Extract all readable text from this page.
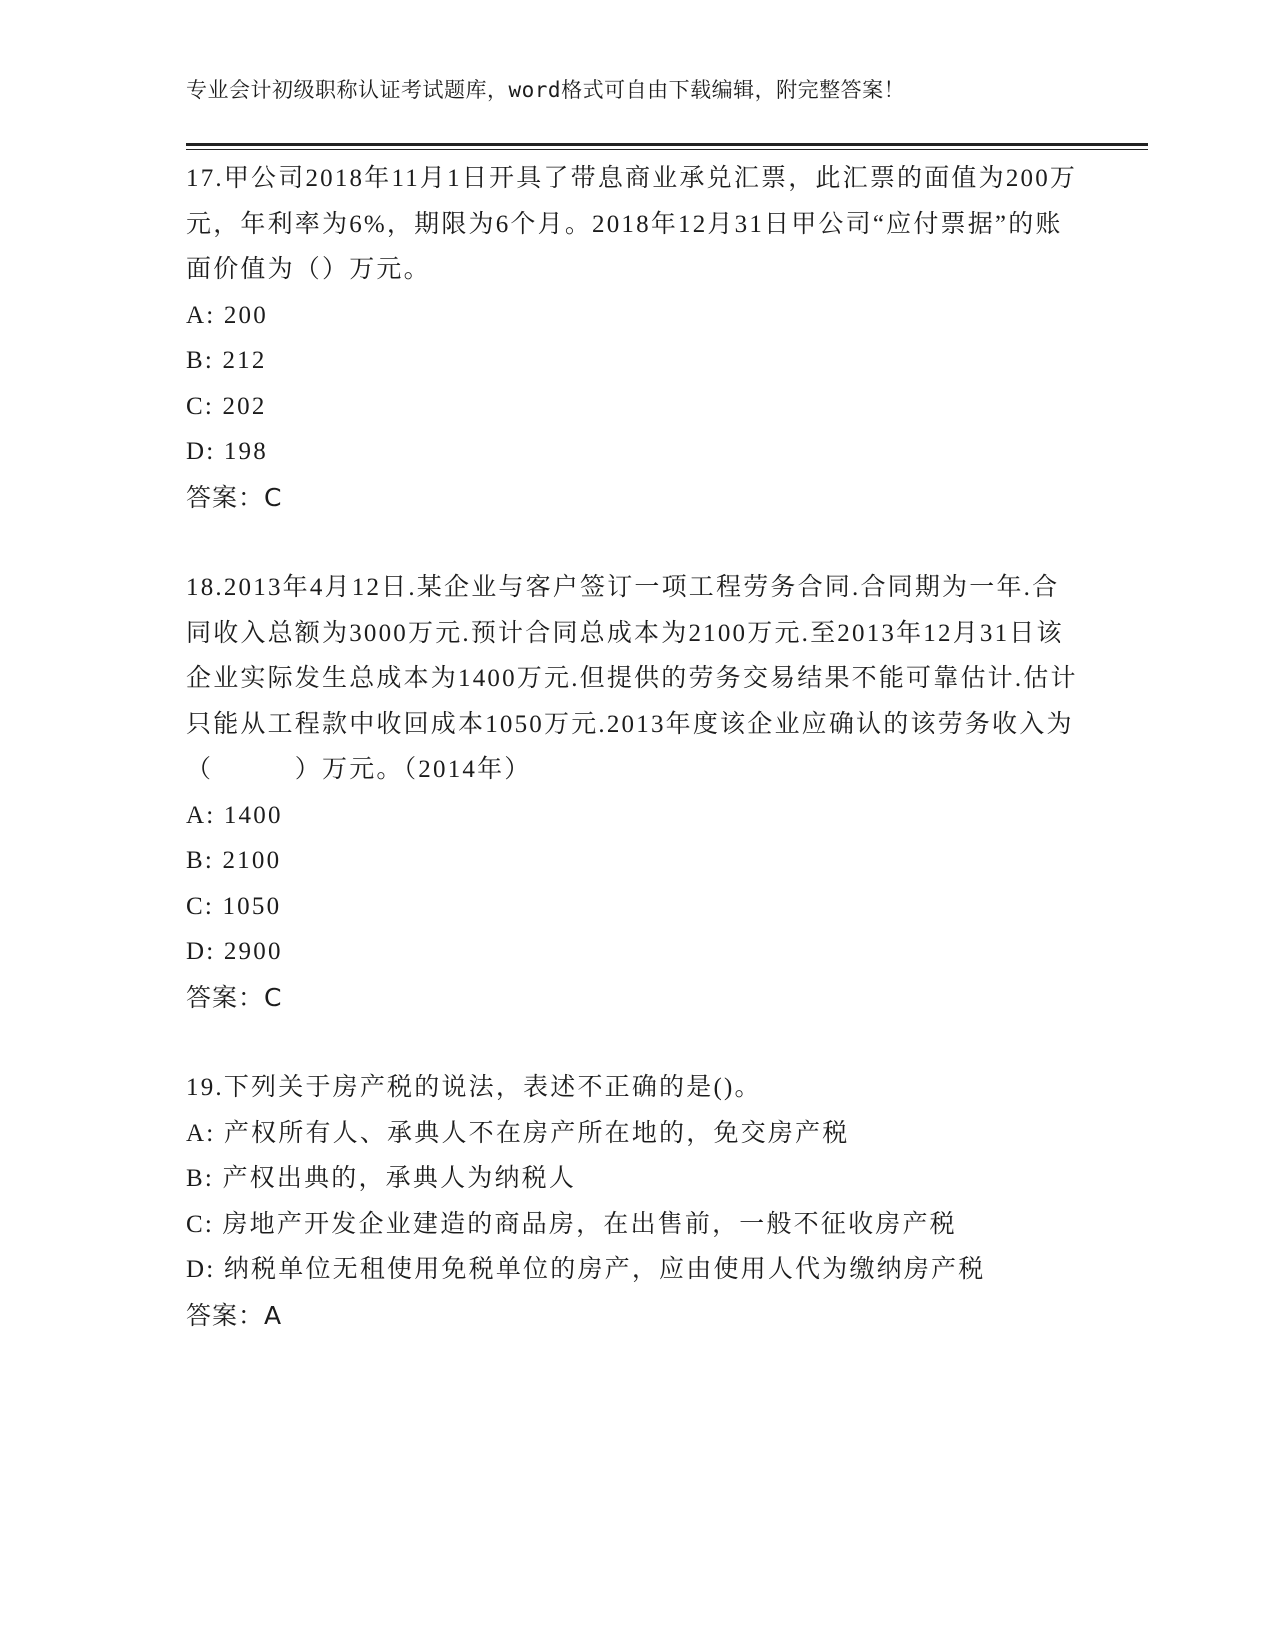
专业会计初级职称认证考试题库，word格式可自由下载编辑，附完整答案！
17.甲公司2018年11月1日开具了带息商业承兑汇票，此汇票的面值为200万元，年利率为6%，期限为6个月。2018年12月31日甲公司“应付票据”的账面价值为（）万元。
A: 200
B: 212
C: 202
D: 198
答案：C
18.2013年4月12日.某企业与客户签订一项工程劳务合同.合同期为一年.合同收入总额为3000万元.预计合同总成本为2100万元.至2013年12月31日该企业实际发生总成本为1400万元.但提供的劳务交易结果不能可靠估计.估计只能从工程款中收回成本1050万元.2013年度该企业应确认的该劳务收入为（　　　）万元。（2014年）
A: 1400
B: 2100
C: 1050
D: 2900
答案：C
19.下列关于房产税的说法，表述不正确的是()。
A: 产权所有人、承典人不在房产所在地的，免交房产税
B: 产权出典的，承典人为纳税人
C: 房地产开发企业建造的商品房，在出售前，一般不征收房产税
D: 纳税单位无租使用免税单位的房产，应由使用人代为缴纳房产税
答案：A
